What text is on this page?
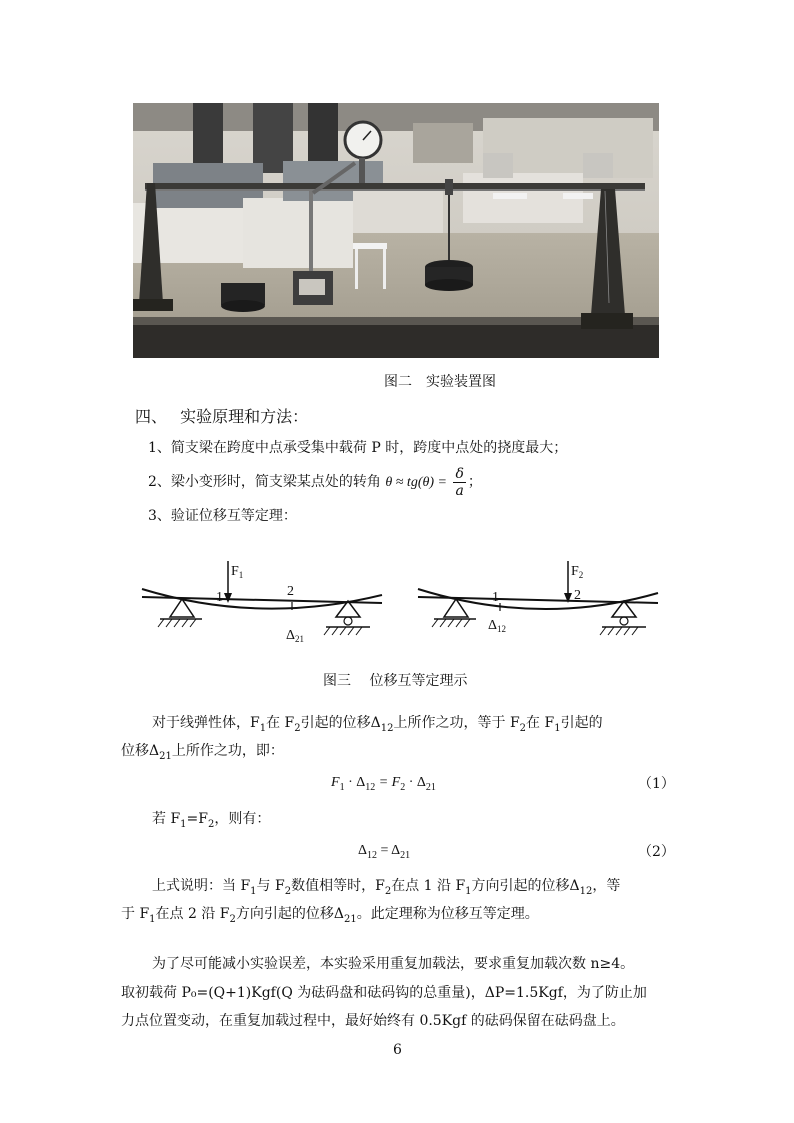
图二　实验装置图
四、 实验原理和方法：
1、简支梁在跨度中点承受集中载荷 P 时，跨度中点处的挠度最大；
2、梁小变形时，简支梁某点处的转角 $\theta \approx tg(\theta) = \frac{\delta}{a}$ ；
3、验证位移互等定理：
$F_1$
1	2
$\Delta_{21}$
$F_2$
1	2
$\Delta_{12}$
图三　 位移互等定理示
对于线弹性体，$F_1$在 $F_2$引起的位移$\Delta_{12}$上所作之功，等于 $F_2$在 $F_1$引起的
位移$\Delta_{21}$上所作之功，即：
$F_1 \cdot \Delta_{12} = F_2 \cdot \Delta_{21}$	（1）
若 $F_1=F_2$，则有：
$\Delta_{12} = \Delta_{21}$	（2）
上式说明：当 $F_1$与 $F_2$数值相等时，$F_2$在点 1 沿 $F_1$方向引起的位移$\Delta_{12}$，等
于 $F_1$在点 2 沿 $F_2$方向引起的位移$\Delta_{21}$。此定理称为位移互等定理。
为了尽可能减小实验误差，本实验采用重复加载法，要求重复加载次数 n≥4。
取初载荷 P₀=(Q+1)Kgf(Q 为砝码盘和砝码钩的总重量)，ΔP=1.5Kgf，为了防止加
力点位置变动，在重复加载过程中，最好始终有 0.5Kgf 的砝码保留在砝码盘上。
6
